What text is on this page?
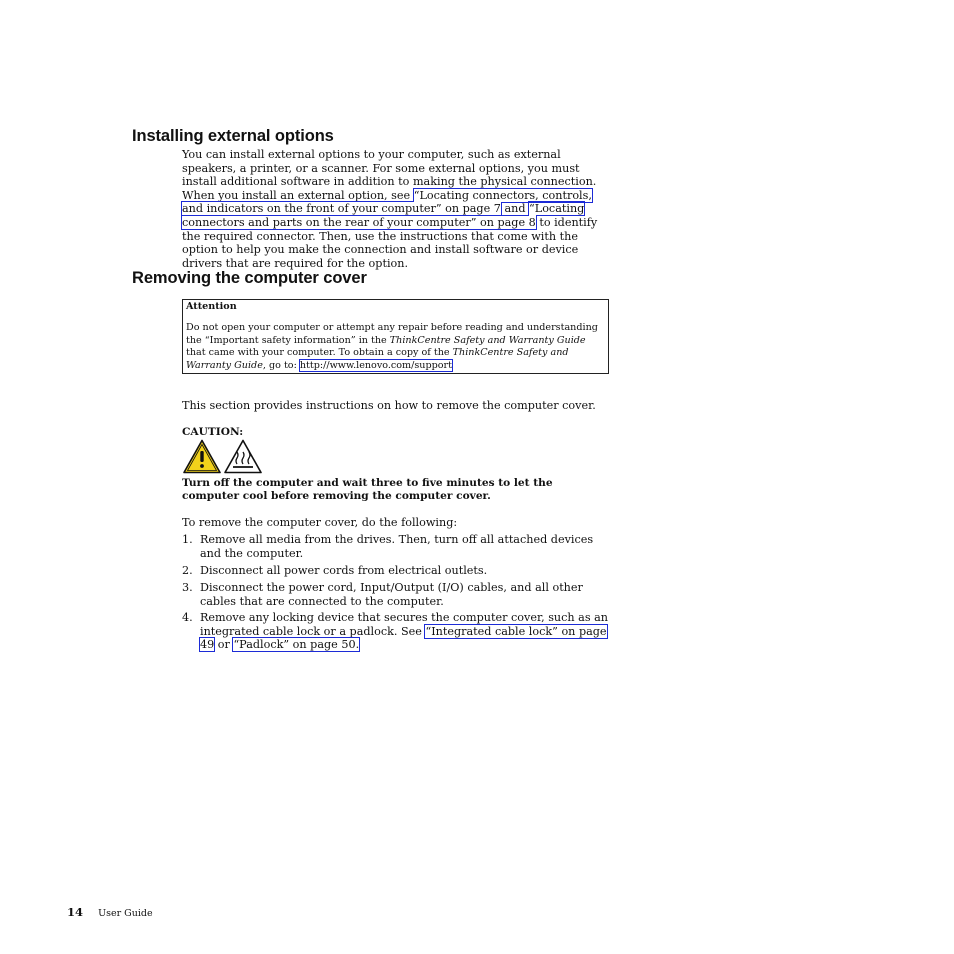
Installing external options

You can install external options to your computer, such as external speakers, a printer, or a scanner. For some external options, you must install additional software in addition to making the physical connection. When you install an external option, see “Locating connectors, controls, and indicators on the front of your computer” on page 7 and “Locating connectors and parts on the rear of your computer” on page 8 to identify the required connector. Then, use the instructions that come with the option to help you make the connection and install software or device drivers that are required for the option.

Removing the computer cover
Attention

Do not open your computer or attempt any repair before reading and understanding the “Important safety information” in the ThinkCentre Safety and Warranty Guide that came with your computer. To obtain a copy of the ThinkCentre Safety and Warranty Guide, go to: http://www.lenovo.com/support

This section provides instructions on how to remove the computer cover.

CAUTION:

Turn off the computer and wait three to five minutes to let the computer cool before removing the computer cover.

To remove the computer cover, do the following:

1. Remove all media from the drives. Then, turn off all attached devices and the computer.
2. Disconnect all power cords from electrical outlets.
3. Disconnect the power cord, Input/Output (I/O) cables, and all other cables that are connected to the computer.
4. Remove any locking device that secures the computer cover, such as an integrated cable lock or a padlock. See “Integrated cable lock” on page 49 or “Padlock” on page 50.
14 User Guide
